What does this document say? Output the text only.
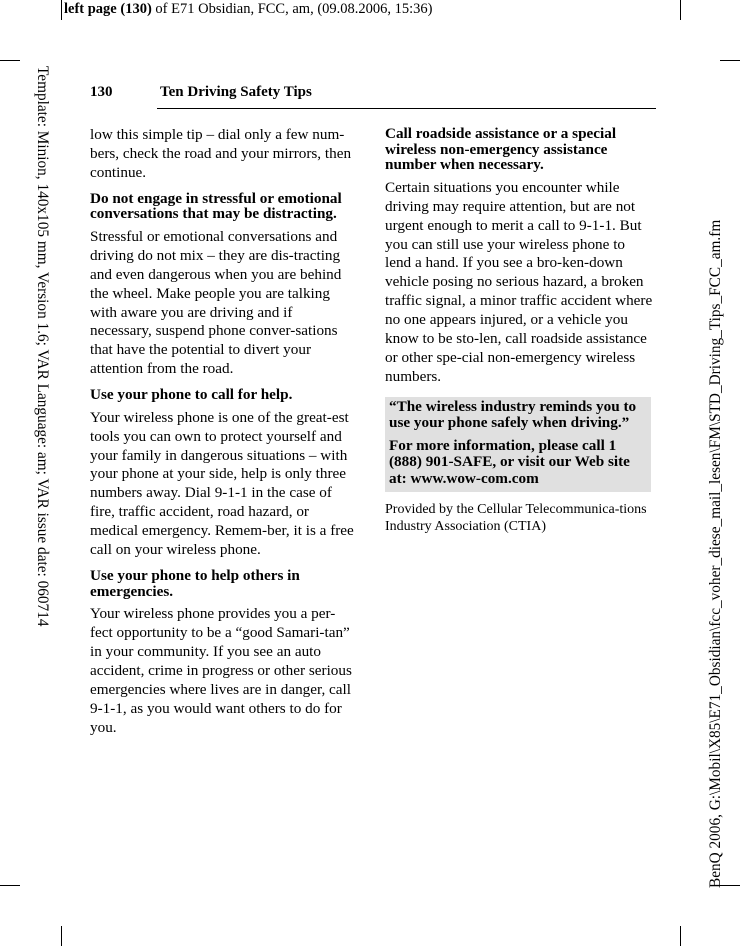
left page (130) of E71 Obsidian, FCC, am, (09.08.2006, 15:36)
Template: Minion, 140x105 mm, Version 1.6; VAR Language: am; VAR issue date: 060714	BenQ 2006, G:\Mobil\X85\E71_Obsidian\fcc_voher_diese_mail_lesen\FM\STD_Driving_Tips_FCC_am.fm
130	Ten Driving Safety Tips

low this simple tip – dial only a few num-bers, check the road and your mirrors, then continue.

Do not engage in stressful or emotional conversations that may be distracting.

Stressful or emotional conversations and driving do not mix – they are dis-tracting and even dangerous when you are behind the wheel. Make people you are talking with aware you are driving and if necessary, suspend phone conver-sations that have the potential to divert your attention from the road.

Use your phone to call for help.

Your wireless phone is one of the great-est tools you can own to protect yourself and your family in dangerous situations – with your phone at your side, help is only three numbers away. Dial 9-1-1 in the case of fire, traffic accident, road hazard, or medical emergency. Remem-ber, it is a free call on your wireless phone.

Use your phone to help others in emergencies.

Your wireless phone provides you a per-fect opportunity to be a “good Samari-tan” in your community. If you see an auto accident, crime in progress or other serious emergencies where lives are in danger, call 9-1-1, as you would want others to do for you.

Call roadside assistance or a special wireless non-emergency assistance number when necessary.

Certain situations you encounter while driving may require attention, but are not urgent enough to merit a call to 9-1-1. But you can still use your wireless phone to lend a hand. If you see a bro-ken-down vehicle posing no serious hazard, a broken traffic signal, a minor traffic accident where no one appears injured, or a vehicle you know to be sto-len, call roadside assistance or other spe-cial non-emergency wireless numbers.

“The wireless industry reminds you to use your phone safely when driving.”
For more information, please call 1 (888) 901-SAFE, or visit our Web site at: www.wow-com.com
Provided by the Cellular Telecommunica-tions Industry Association (CTIA)
